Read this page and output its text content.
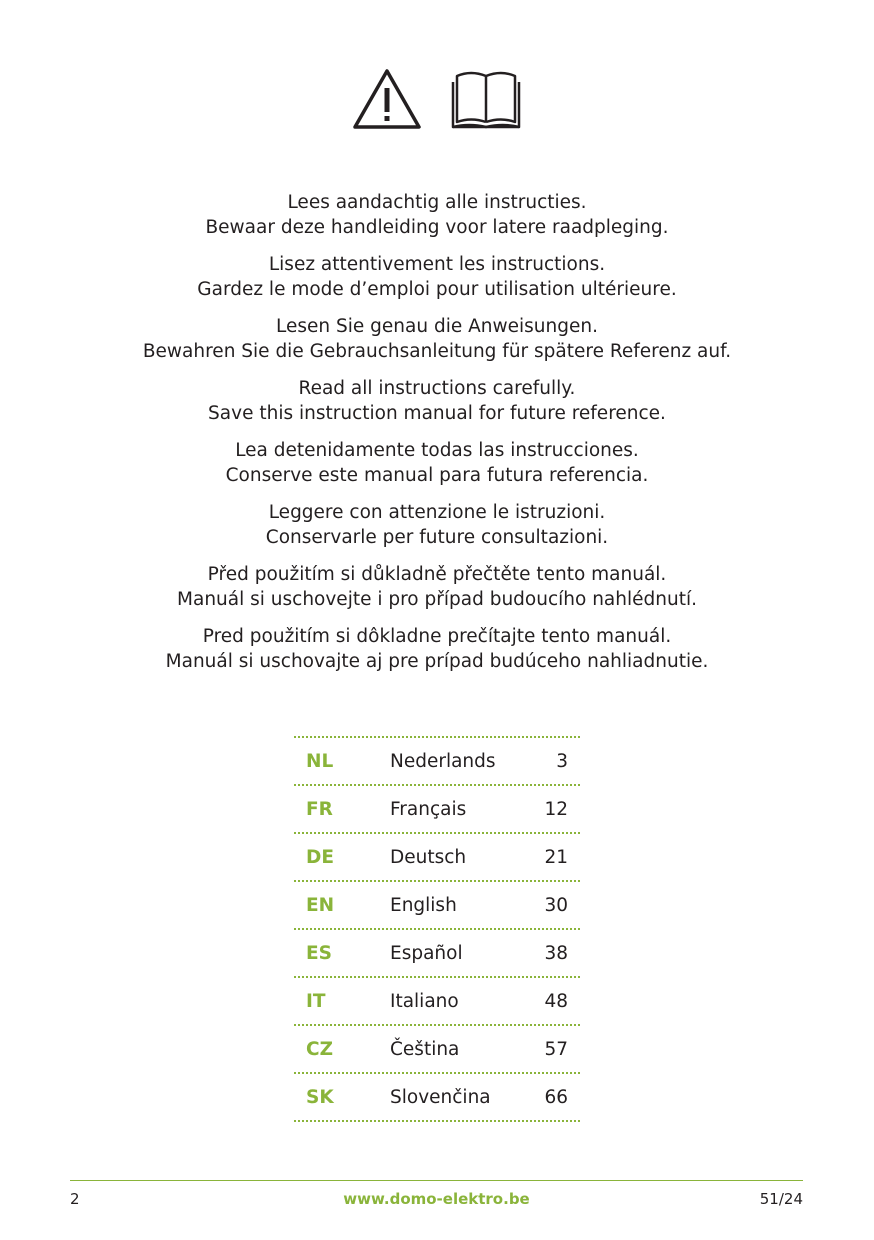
Lees aandachtig alle instructies.
Bewaar deze handleiding voor latere raadpleging.
Lisez attentivement les instructions.
Gardez le mode d’emploi pour utilisation ultérieure.
Lesen Sie genau die Anweisungen.
Bewahren Sie die Gebrauchsanleitung für spätere Referenz auf.
Read all instructions carefully.
Save this instruction manual for future reference.
Lea detenidamente todas las instrucciones.
Conserve este manual para futura referencia.
Leggere con attenzione le istruzioni.
Conservarle per future consultazioni.
Před použitím si důkladně přečtěte tento manuál.
Manuál si uschovejte i pro případ budoucího nahlédnutí.
Pred použitím si dôkladne prečítajte tento manuál.
Manuál si uschovajte aj pre prípad budúceho nahliadnutie.
NL	Nederlands	3
FR	Français	12
DE	Deutsch	21
EN	English	30
ES	Español	38
IT	Italiano	48
CZ	Čeština	57
SK	Slovenčina	66
2	www.domo-elektro.be	51/24
